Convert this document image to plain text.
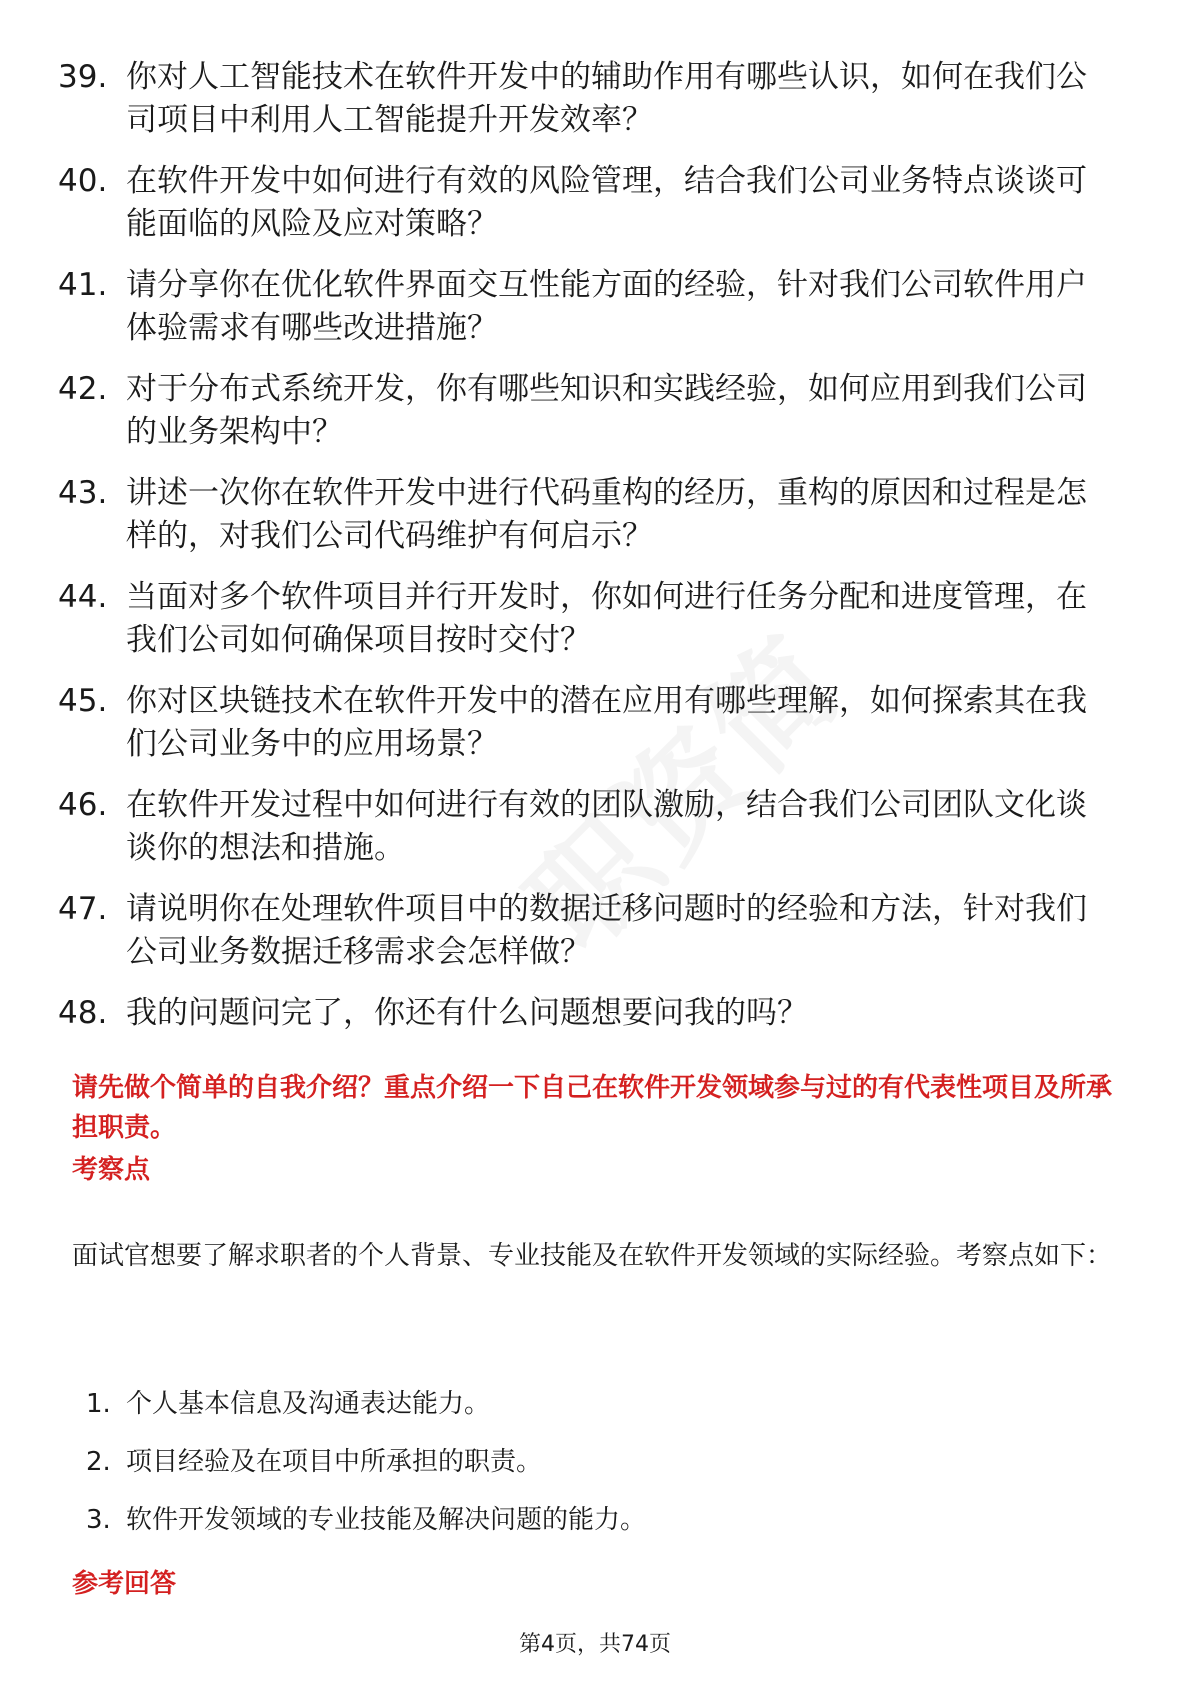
39. 你对人工智能技术在软件开发中的辅助作用有哪些认识，如何在我们公司项目中利用人工智能提升开发效率？
40. 在软件开发中如何进行有效的风险管理，结合我们公司业务特点谈谈可能面临的风险及应对策略？
41. 请分享你在优化软件界面交互性能方面的经验，针对我们公司软件用户体验需求有哪些改进措施？
42. 对于分布式系统开发，你有哪些知识和实践经验，如何应用到我们公司的业务架构中？
43. 讲述一次你在软件开发中进行代码重构的经历，重构的原因和过程是怎样的，对我们公司代码维护有何启示？
44. 当面对多个软件项目并行开发时，你如何进行任务分配和进度管理，在我们公司如何确保项目按时交付？
45. 你对区块链技术在软件开发中的潜在应用有哪些理解，如何探索其在我们公司业务中的应用场景？
46. 在软件开发过程中如何进行有效的团队激励，结合我们公司团队文化谈谈你的想法和措施。
47. 请说明你在处理软件项目中的数据迁移问题时的经验和方法，针对我们公司业务数据迁移需求会怎样做？
48. 我的问题问完了，你还有什么问题想要问我的吗？
请先做个简单的自我介绍？重点介绍一下自己在软件开发领域参与过的有代表性项目及所承担职责。
考察点
面试官想要了解求职者的个人背景、专业技能及在软件开发领域的实际经验。考察点如下：
1. 个人基本信息及沟通表达能力。
2. 项目经验及在项目中所承担的职责。
3. 软件开发领域的专业技能及解决问题的能力。
参考回答
第4页，共74页
